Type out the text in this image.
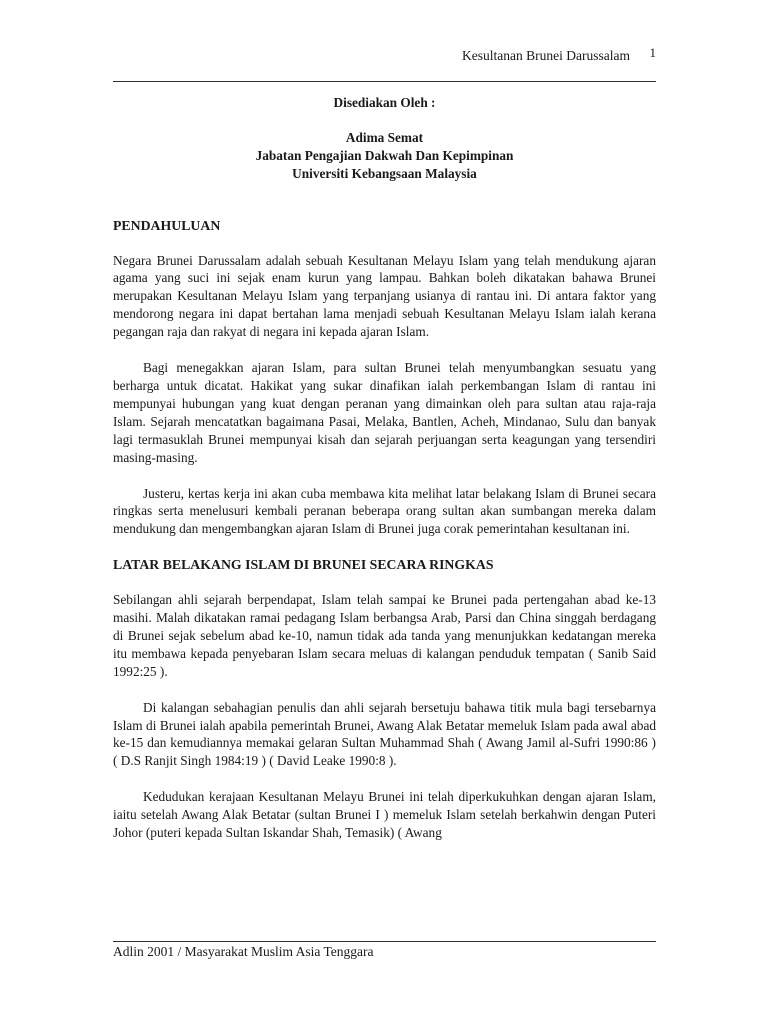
Kesultanan Brunei Darussalam 1
Disediakan Oleh :
Adima Semat
Jabatan Pengajian Dakwah Dan Kepimpinan
Universiti Kebangsaan Malaysia
PENDAHULUAN

Negara Brunei Darussalam adalah sebuah Kesultanan Melayu Islam yang telah mendukung ajaran agama yang suci ini sejak enam kurun yang lampau. Bahkan boleh dikatakan bahawa Brunei merupakan Kesultanan Melayu Islam yang terpanjang usianya di rantau ini. Di antara faktor yang mendorong negara ini dapat bertahan lama menjadi sebuah Kesultanan Melayu Islam ialah kerana pegangan raja dan rakyat di negara ini kepada ajaran Islam.

Bagi menegakkan ajaran Islam, para sultan Brunei telah menyumbangkan sesuatu yang berharga untuk dicatat. Hakikat yang sukar dinafikan ialah perkembangan Islam di rantau ini mempunyai hubungan yang kuat dengan peranan yang dimainkan oleh para sultan atau raja-raja Islam. Sejarah mencatatkan bagaimana Pasai, Melaka, Bantlen, Acheh, Mindanao, Sulu dan banyak lagi termasuklah Brunei mempunyai kisah dan sejarah perjuangan serta keagungan yang tersendiri masing-masing.

Justeru, kertas kerja ini akan cuba membawa kita melihat latar belakang Islam di Brunei secara ringkas serta menelusuri kembali peranan beberapa orang sultan akan sumbangan mereka dalam mendukung dan mengembangkan ajaran Islam di Brunei juga corak pemerintahan kesultanan ini.

LATAR BELAKANG ISLAM DI BRUNEI SECARA RINGKAS

Sebilangan ahli sejarah berpendapat, Islam telah sampai ke Brunei pada pertengahan abad ke-13 masihi. Malah dikatakan ramai pedagang Islam berbangsa Arab, Parsi dan China singgah berdagang di Brunei sejak sebelum abad ke-10, namun tidak ada tanda yang menunjukkan kedatangan mereka itu membawa kepada penyebaran Islam secara meluas di kalangan penduduk tempatan ( Sanib Said 1992:25 ).

Di kalangan sebahagian penulis dan ahli sejarah bersetuju bahawa titik mula bagi tersebarnya Islam di Brunei ialah apabila pemerintah Brunei, Awang Alak Betatar memeluk Islam pada awal abad ke-15 dan kemudiannya memakai gelaran Sultan Muhammad Shah ( Awang Jamil al-Sufri 1990:86 ) ( D.S Ranjit Singh 1984:19 ) ( David Leake 1990:8 ).

Kedudukan kerajaan Kesultanan Melayu Brunei ini telah diperkukuhkan dengan ajaran Islam, iaitu setelah Awang Alak Betatar (sultan Brunei I ) memeluk Islam setelah berkahwin dengan Puteri Johor (puteri kepada Sultan Iskandar Shah, Temasik) ( Awang

Adlin 2001 / Masyarakat Muslim Asia Tenggara
